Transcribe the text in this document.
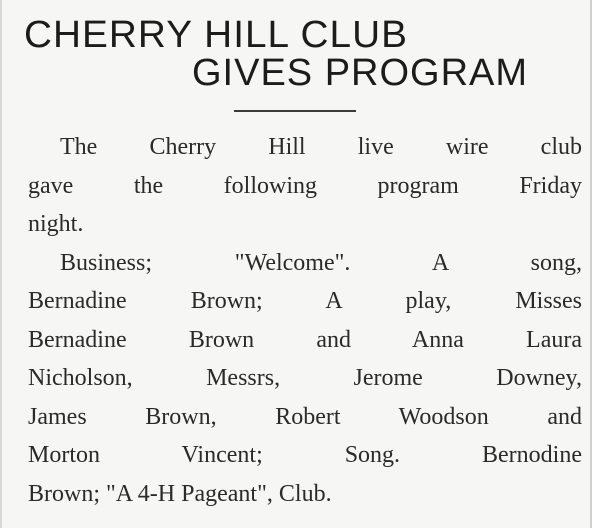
CHERRY HILL CLUB
GIVES PROGRAM
The Cherry Hill live wire club
gave the following program Friday
night.
Business; "Welcome". A song,
Bernadine Brown; A play, Misses
Bernadine Brown and Anna Laura
Nicholson, Messrs, Jerome Downey,
James Brown, Robert Woodson and
Morton Vincent; Song. Bernodine
Brown; "A 4-H Pageant", Club.
